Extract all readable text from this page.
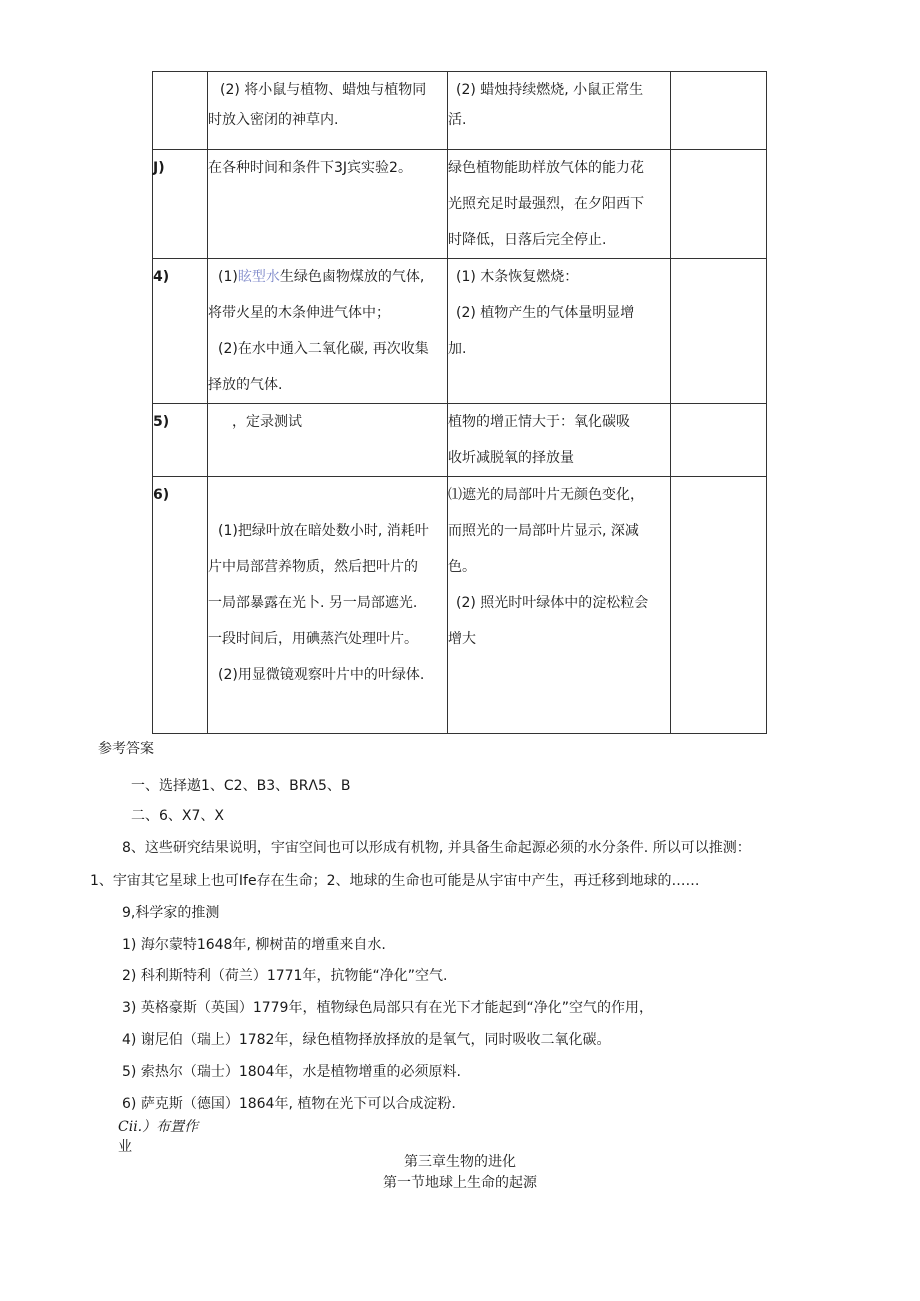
	(2) 将小鼠与植物、蜡烛与植物同
时放入密闭的神草内.	(2) 蜡烛持续燃烧, 小鼠正常生
活.	

J)	在各种时间和条件下3J宾实验2。	绿色植物能助样放气体的能力花
光照充足时最强烈，在夕阳西下
时降低，日落后完全停止.	

4)	(1)眩型水生绿色鹵物煤放的气体,
将带火星的木条伸进气体中；
(2)在水中通入二氧化碳, 再次收集
择放的气体.	(1) 木条恢复燃烧：
(2) 植物产生的气体量明显增
加.	

5)	，定录测试	植物的增正情大于：氧化碳吸
收圻减脱氧的择放量	

6)	(1)把绿叶放在暗处数小时, 消耗叶
片中局部营养物质，然后把叶片的
一局部暴露在光卜. 另一局部遮光.
一段时间后，用碘蒸汽处理叶片。
(2)用显微镜观察叶片中的叶绿体.	⑴遮光的局部叶片无颜色变化，
而照光的一局部叶片显示, 深减
色。
(2) 照光时叶绿体中的淀松粒会
增大	

参考答案
一、选择遨1、C2、B3、BRΛ5、B
二、6、X7、X
8、这些研究结果说明，宇宙空间也可以形成有机物, 并具备生命起源必须的水分条件. 所以可以推测：
1、宇宙其它星球上也可Ife存在生命；2、地球的生命也可能是从宇宙中产生，再迁移到地球的……
9,科学家的推测
1) 海尔蒙特1648年, 柳树苗的增重来自水.
2) 科利斯特利（荷兰）1771年，抗物能“净化”空气.
3) 英格豪斯（英国）1779年，植物绿色局部只有在光下才能起到“净化”空气的作用，
4) 谢尼伯（瑞上）1782年，绿色植物择放择放的是氧气，同时吸收二氧化碳。
5) 索热尔（瑞士）1804年，水是植物增重的必须原料.
6) 萨克斯（德国）1864年, 植物在光下可以合成淀粉.
Cii.）布置作
业
第三章生物的进化
第一节地球上生命的起源
